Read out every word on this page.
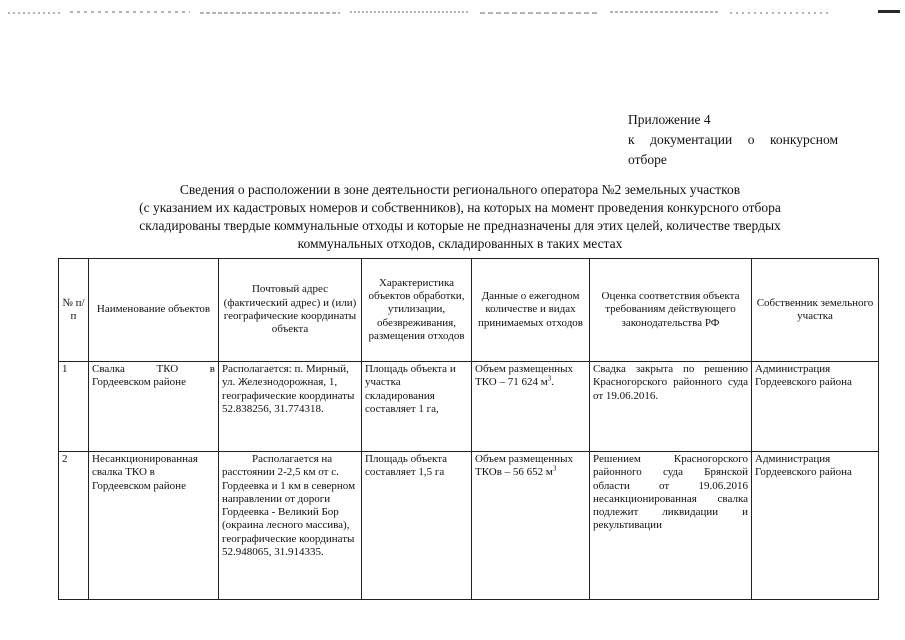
Приложение 4
к документации о конкурсном
отборе
Сведения о расположении в зоне деятельности регионального оператора №2 земельных участков
(с указанием их кадастровых номеров и собственников), на которых на момент проведения конкурсного отбора
складированы твердые коммунальные отходы и которые не предназначены для этих целей, количестве твердых
коммунальных отходов, складированных в таких местах
№ п/п	Наименование объектов	Почтовый адрес (фактический адрес) и (или) географические координаты объекта	Характеристика объектов обработки, утилизации, обезвреживания, размещения отходов	Данные о ежегодном количестве и видах принимаемых отходов	Оценка соответствия объекта требованиям действующего законодательства РФ	Собственник земельного участка
1	Свалка ТКО в Гордеевском районе	Располагается: п. Мирный, ул. Железнодорожная, 1, географические координаты 52.838256, 31.774318.	Площадь объекта и участка складирования составляет 1 га,	Объем размещенных ТКО – 71 624 $м^3$.	Свадка закрыта по решению Красногорского районного суда от 19.06.2016.	Администрация Гордеевского района
2	Несанкционированная свалка ТКО в Гордеевском районе	Располагается на расстоянии 2-2,5 км от с. Гордеевка и 1 км в северном направлении от дороги Гордеевка - Великий Бор (окраина лесного массива), географические координаты 52.948065, 31.914335.	Площадь объекта составляет 1,5 га	Объем размещенных ТКОв – 56 652 $м^3$	Решением Красногорского районного суда Брянской области от 19.06.2016 несанкционированная свалка подлежит ликвидации и рекультивации	Администрация Гордеевского района
